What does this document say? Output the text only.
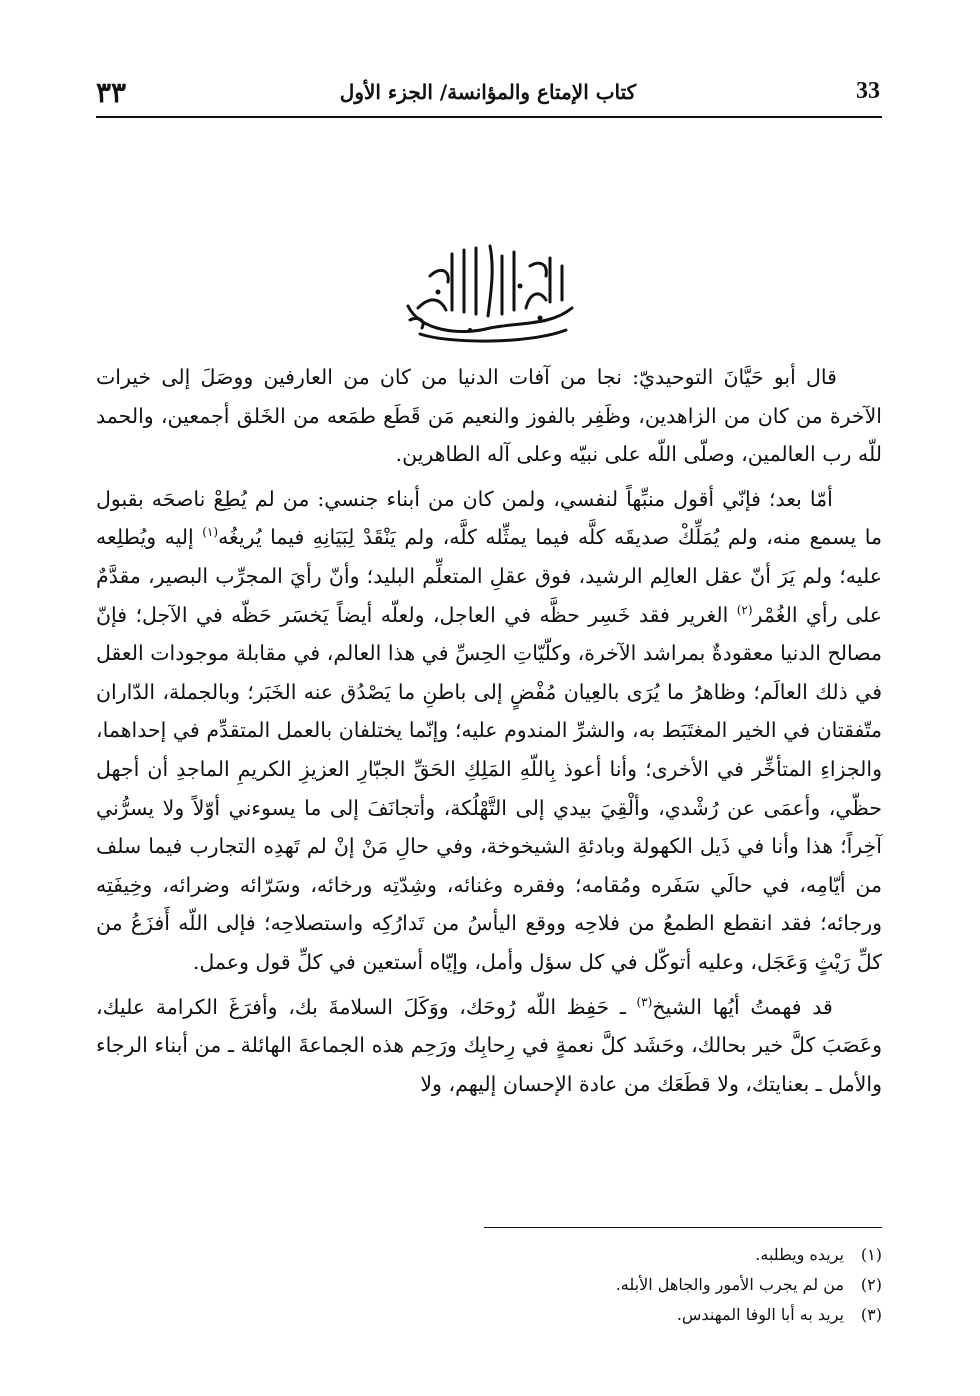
٣٣	كتاب الإمتاع والمؤانسة/ الجزء الأول	33

قال أبو حَيَّانَ التوحيديّ: نجا من آفات الدنيا من كان من العارفين ووصَلَ إلى خيرات الآخرة من كان من الزاهدين، وظَفِر بالفوز والنعيم مَن قَطَع طمَعه من الخَلق أجمعين، والحمد للّه رب العالمين، وصلّى اللّه على نبيّه وعلى آله الطاهرين.

أمّا بعد؛ فإنّي أقول منبِّهاً لنفسي، ولمن كان من أبناء جنسي: من لم يُطِعْ ناصحَه بقبول ما يسمع منه، ولم يُمَلِّكْ صديقَه كلَّه فيما يمثِّله كلَّه، ولم يَنْقَدْ لِبَيَانِهِ فيما يُريغُه$^{(١)}$ إليه ويُطلِعه عليه؛ ولم يَرَ أنّ عقل العالِم الرشيد، فوق عقلِ المتعلِّم البليد؛ وأنّ رأيَ المجرِّب البصير، مقدَّمٌ على رأي الغُمْر$^{(٢)}$ الغرير فقد خَسِر حظَّه في العاجل، ولعلّه أيضاً يَخسَر حَظّه في الآجل؛ فإنّ مصالح الدنيا معقودةٌ بمراشد الآخرة، وكلّيّاتِ الحِسِّ في هذا العالم، في مقابلة موجودات العقل في ذلك العالَم؛ وظاهرُ ما يُرَى بالعِيان مُفْضٍ إلى باطنِ ما يَصْدُق عنه الخَبَر؛ وبالجملة، الدّاران متّفقتان في الخير المغتَبَط به، والشرِّ المندوم عليه؛ وإنّما يختلفان بالعمل المتقدِّم في إحداهما، والجزاءِ المتأخِّر في الأخرى؛ وأنا أعوذ بِاللّهِ المَلِكِ الحَقِّ الجبّارِ العزيزِ الكريمِ الماجدِ أن أجهل حظّي، وأعمَى عن رُشْدي، وألْقِيَ بيدي إلى التَّهْلُكة، وأتجانَفَ إلى ما يسوءني أوّلاً ولا يسرُّني آخِراً؛ هذا وأنا في ذَيل الكهولة وبادئةِ الشيخوخة، وفي حالِ مَنْ إنْ لم تَهدِه التجارب فيما سلف من أيّامِه، في حالَي سَفَره ومُقامه؛ وفقره وغنائه، وشِدّتِه ورخائه، وسَرّائه وضرائه، وخِيفَتِه ورجائه؛ فقد انقطع الطمعُ من فلاحِه ووقع اليأسُ من تَدارُكِه واستصلاحِه؛ فإلى اللّه أَفزَعُ من كلِّ رَيْثٍ وَعَجَل، وعليه أتوكّل في كل سؤل وأمل، وإيّاه أستعين في كلِّ قول وعمل.

قد فهمتُ أيُها الشيخ$^{(٣)}$ ـ حَفِظ اللّه رُوحَك، ووَكَلَ السلامةَ بك، وأفرَغَ الكرامة عليك، وعَصَبَ كلَّ خير بحالك، وحَشَد كلَّ نعمةٍ في رِحابِك ورَحِم هذه الجماعةَ الهائلة ـ من أبناء الرجاء والأمل ـ بعنايتك، ولا قطَعَك من عادة الإحسان إليهم، ولا

(١)يريده ويطلبه.
(٢)من لم يجرب الأمور والجاهل الأبله.
(٣)يريد به أبا الوفا المهندس.
